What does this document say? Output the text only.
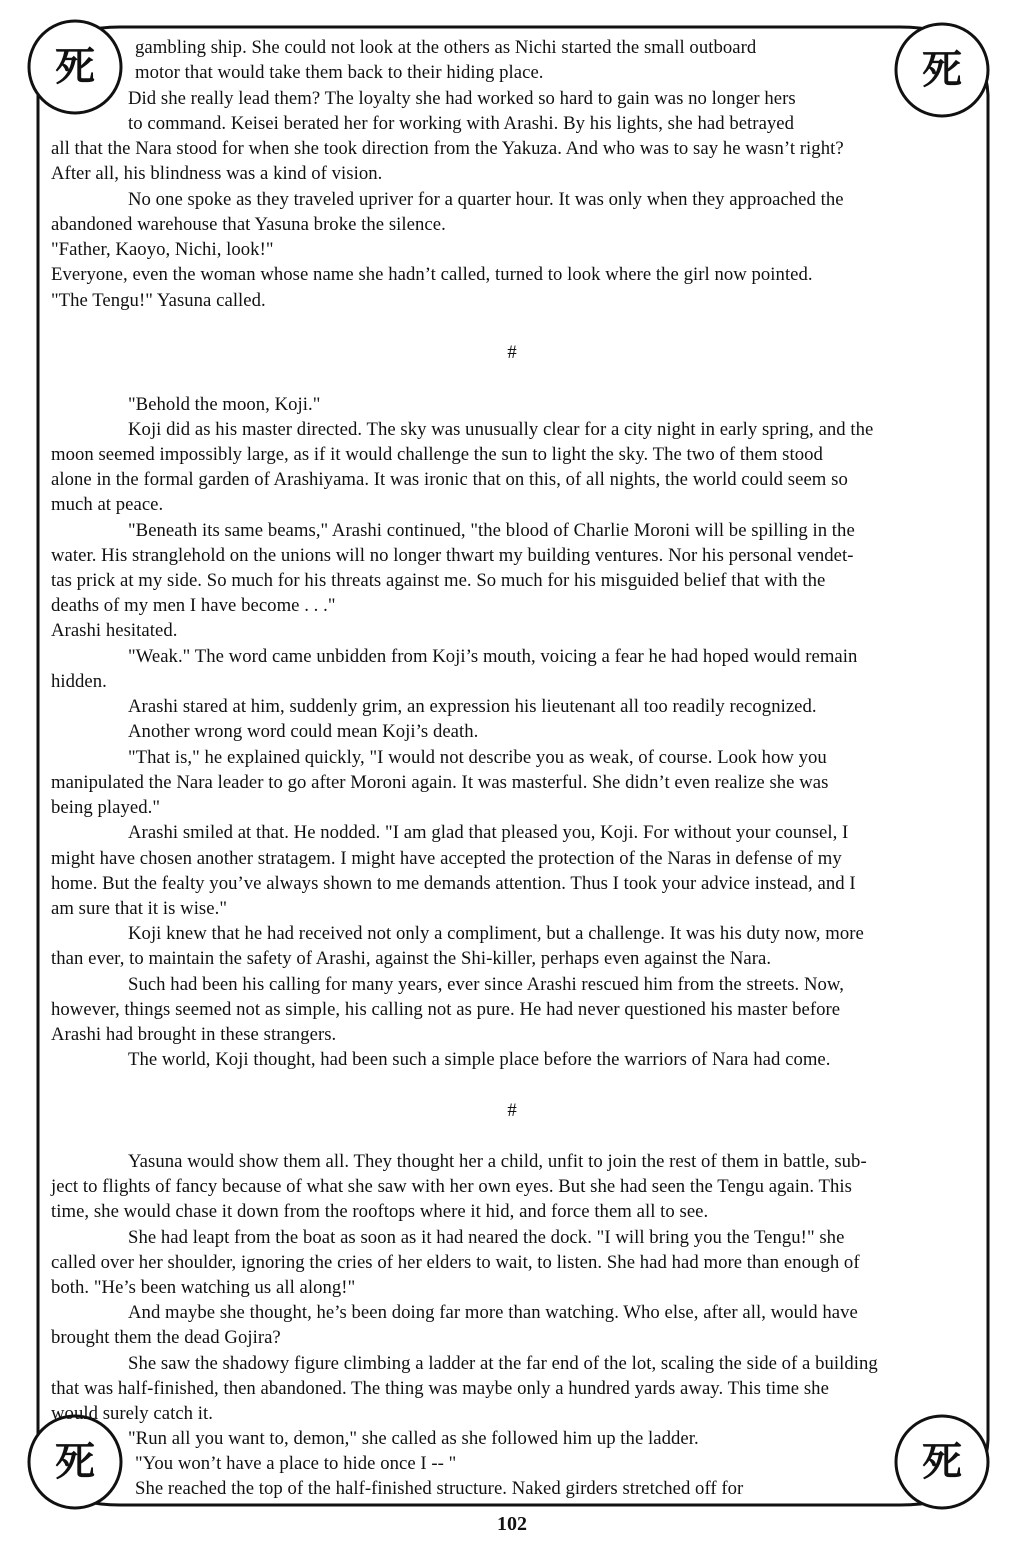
死	死
死	死
gambling ship. She could not look at the others as Nichi started the small outboard
motor that would take them back to their hiding place.
Did she really lead them? The loyalty she had worked so hard to gain was no longer hers
to command. Keisei berated her for working with Arashi. By his lights, she had betrayed
all that the Nara stood for when she took direction from the Yakuza. And who was to say he wasn’t right?
After all, his blindness was a kind of vision.
No one spoke as they traveled upriver for a quarter hour. It was only when they approached the
abandoned warehouse that Yasuna broke the silence.
"Father, Kaoyo, Nichi, look!"
Everyone, even the woman whose name she hadn’t called, turned to look where the girl now pointed.
"The Tengu!" Yasuna called.
#
"Behold the moon, Koji."
Koji did as his master directed. The sky was unusually clear for a city night in early spring, and the
moon seemed impossibly large, as if it would challenge the sun to light the sky. The two of them stood
alone in the formal garden of Arashiyama. It was ironic that on this, of all nights, the world could seem so
much at peace.
"Beneath its same beams," Arashi continued, "the blood of Charlie Moroni will be spilling in the
water. His stranglehold on the unions will no longer thwart my building ventures. Nor his personal vendet-
tas prick at my side. So much for his threats against me. So much for his misguided belief that with the
deaths of my men I have become . . ."
Arashi hesitated.
"Weak." The word came unbidden from Koji’s mouth, voicing a fear he had hoped would remain
hidden.
Arashi stared at him, suddenly grim, an expression his lieutenant all too readily recognized.
Another wrong word could mean Koji’s death.
"That is," he explained quickly, "I would not describe you as weak, of course. Look how you
manipulated the Nara leader to go after Moroni again. It was masterful. She didn’t even realize she was
being played."
Arashi smiled at that. He nodded. "I am glad that pleased you, Koji. For without your counsel, I
might have chosen another stratagem. I might have accepted the protection of the Naras in defense of my
home. But the fealty you’ve always shown to me demands attention. Thus I took your advice instead, and I
am sure that it is wise."
Koji knew that he had received not only a compliment, but a challenge. It was his duty now, more
than ever, to maintain the safety of Arashi, against the Shi-killer, perhaps even against the Nara.
Such had been his calling for many years, ever since Arashi rescued him from the streets. Now,
however, things seemed not as simple, his calling not as pure. He had never questioned his master before
Arashi had brought in these strangers.
The world, Koji thought, had been such a simple place before the warriors of Nara had come.
#
Yasuna would show them all. They thought her a child, unfit to join the rest of them in battle, sub-
ject to flights of fancy because of what she saw with her own eyes. But she had seen the Tengu again. This
time, she would chase it down from the rooftops where it hid, and force them all to see.
She had leapt from the boat as soon as it had neared the dock. "I will bring you the Tengu!" she
called over her shoulder, ignoring the cries of her elders to wait, to listen. She had had more than enough of
both. "He’s been watching us all along!"
And maybe she thought, he’s been doing far more than watching. Who else, after all, would have
brought them the dead Gojira?
She saw the shadowy figure climbing a ladder at the far end of the lot, scaling the side of a building
that was half-finished, then abandoned. The thing was maybe only a hundred yards away. This time she
would surely catch it.
"Run all you want to, demon," she called as she followed him up the ladder.
"You won’t have a place to hide once I -- "
She reached the top of the half-finished structure. Naked girders stretched off for
102
